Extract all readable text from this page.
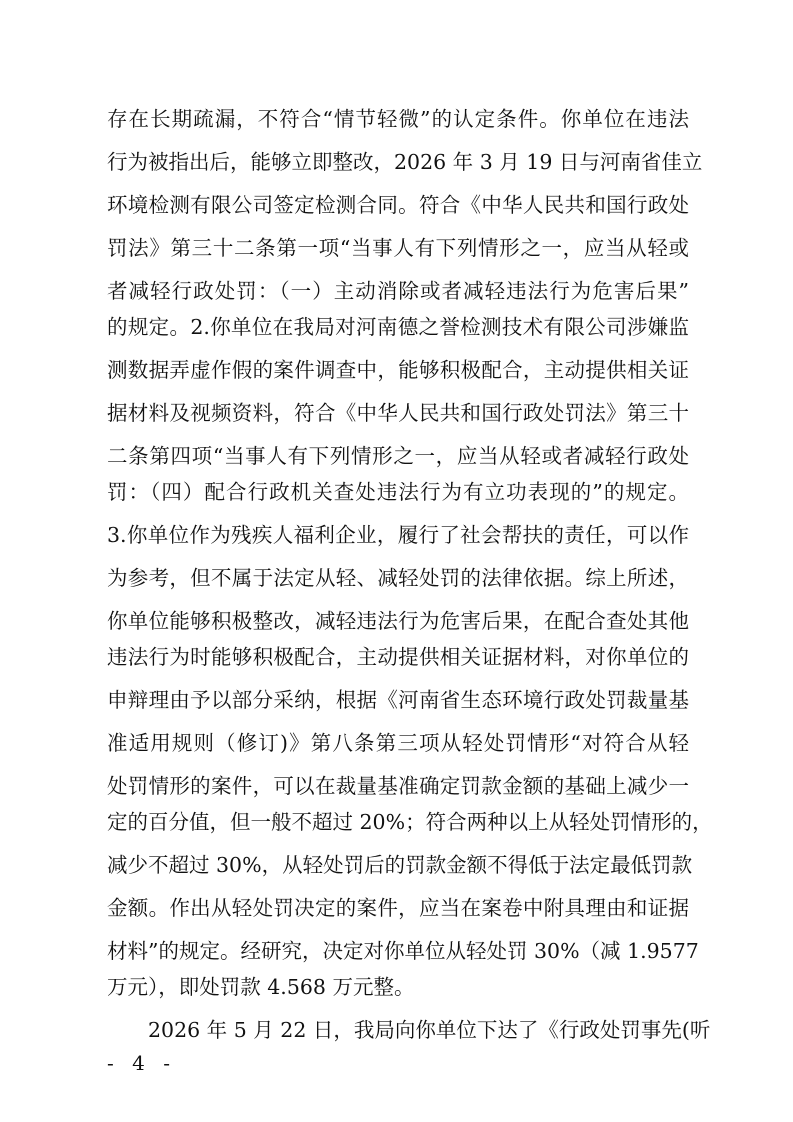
存在长期疏漏，不符合“情节轻微”的认定条件。你单位在违法
行为被指出后，能够立即整改，2026 年 3 月 19 日与河南省佳立
环境检测有限公司签定检测合同。符合《中华人民共和国行政处
罚法》第三十二条第一项“当事人有下列情形之一，应当从轻或
者减轻行政处罚：（一）主动消除或者减轻违法行为危害后果”
的规定。2.你单位在我局对河南德之誉检测技术有限公司涉嫌监
测数据弄虚作假的案件调查中，能够积极配合，主动提供相关证
据材料及视频资料，符合《中华人民共和国行政处罚法》第三十
二条第四项“当事人有下列情形之一，应当从轻或者减轻行政处
罚：（四）配合行政机关查处违法行为有立功表现的”的规定。
3.你单位作为残疾人福利企业，履行了社会帮扶的责任，可以作
为参考，但不属于法定从轻、减轻处罚的法律依据。综上所述，
你单位能够积极整改，减轻违法行为危害后果，在配合查处其他
违法行为时能够积极配合，主动提供相关证据材料，对你单位的
申辩理由予以部分采纳，根据《河南省生态环境行政处罚裁量基
准适用规则（修订)》第八条第三项从轻处罚情形“对符合从轻
处罚情形的案件，可以在裁量基准确定罚款金额的基础上减少一
定的百分值，但一般不超过 20%；符合两种以上从轻处罚情形的，
减少不超过 30%，从轻处罚后的罚款金额不得低于法定最低罚款
金额。作出从轻处罚决定的案件，应当在案卷中附具理由和证据
材料”的规定。经研究，决定对你单位从轻处罚 30%（减 1.9577
万元），即处罚款 4.568 万元整。
2026 年 5 月 22 日，我局向你单位下达了《行政处罚事先(听
- 4 -
